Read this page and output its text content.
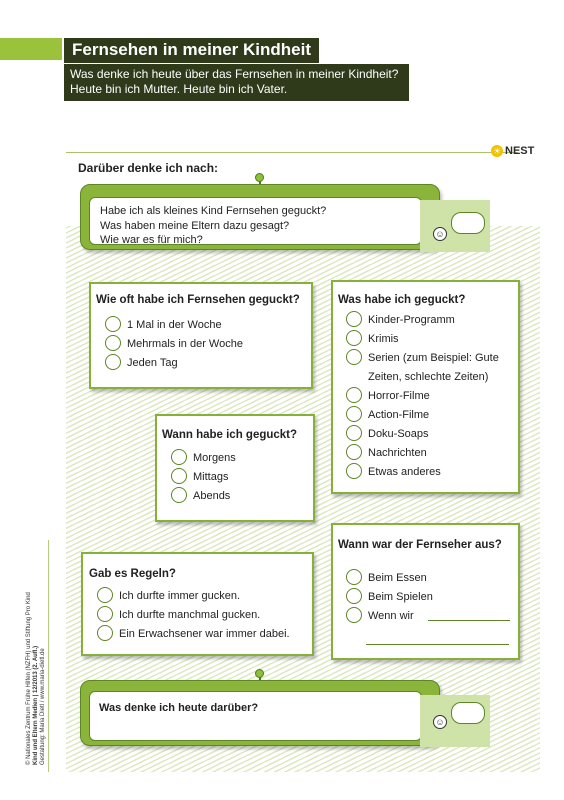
Fernsehen in meiner Kindheit
Was denke ich heute über das Fernsehen in meiner Kindheit?
Heute bin ich Mutter. Heute bin ich Vater.
☀ NEST
Darüber denke ich nach:
Habe ich als kleines Kind Fernsehen geguckt?
Was haben meine Eltern dazu gesagt?
Wie war es für mich?	☺
Wie oft habe ich Fernsehen geguckt?
1 Mal in der Woche
Mehrmals in der Woche
Jeden Tag
Was habe ich geguckt?
Kinder-Programm
Krimis
Serien (zum Beispiel: Gute
Zeiten, schlechte Zeiten)
Horror-Filme
Action-Filme
Doku-Soaps
Nachrichten
Etwas anderes
Wann habe ich geguckt?
Morgens
Mittags
Abends
Wann war der Fernseher aus?
Beim Essen
Beim Spielen
Wenn wir
Gab es Regeln?
Ich durfte immer gucken.
Ich durfte manchmal gucken.
Ein Erwachsener war immer dabei.
Was denke ich heute darüber?
☺
© Nationales Zentrum Frühe Hilfen (NZFH) und Stiftung Pro Kind Kind und Eltern Medien | 12/2013 (2. Aufl.) Gestaltung: Maria Dietl / www.maria-dietl.de
